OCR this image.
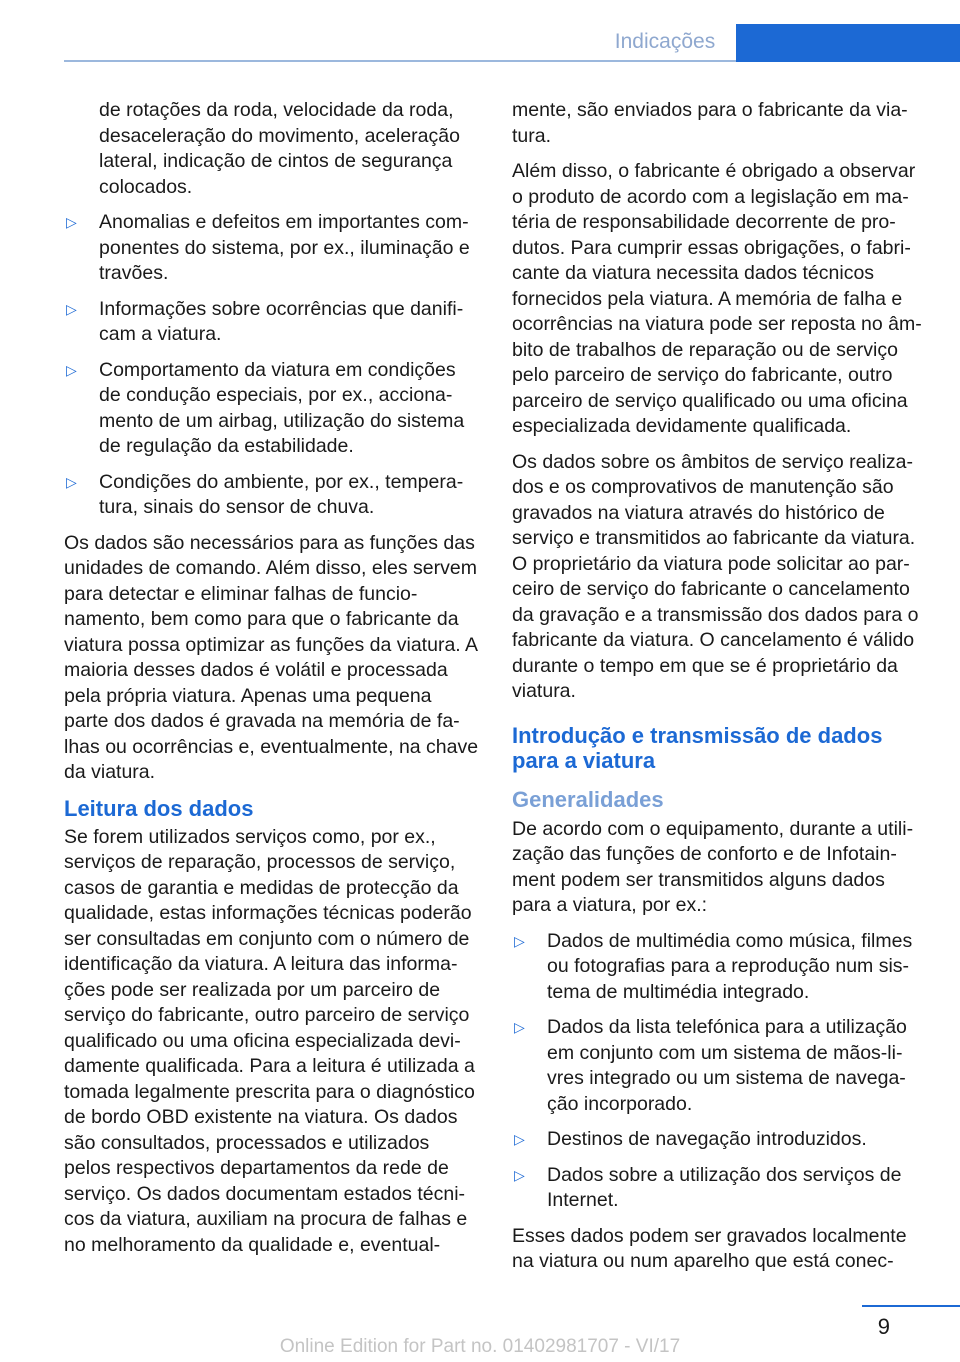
Indicações

de rotações da roda, velocidade da roda, desaceleração do movimento, aceleração lateral, indicação de cintos de segurança colocados.

▷ Anomalias e defeitos em importantes componentes do sistema, por ex., iluminação e travões.
▷ Informações sobre ocorrências que danificam a viatura.
▷ Comportamento da viatura em condições de condução especiais, por ex., accionamento de um airbag, utilização do sistema de regulação da estabilidade.
▷ Condições do ambiente, por ex., temperatura, sinais do sensor de chuva.

Os dados são necessários para as funções das unidades de comando. Além disso, eles servem para detectar e eliminar falhas de funcionamento, bem como para que o fabricante da viatura possa optimizar as funções da viatura. A maioria desses dados é volátil e processada pela própria viatura. Apenas uma pequena parte dos dados é gravada na memória de falhas ou ocorrências e, eventualmente, na chave da viatura.

Leitura dos dados

Se forem utilizados serviços como, por ex., serviços de reparação, processos de serviço, casos de garantia e medidas de protecção da qualidade, estas informações técnicas poderão ser consultadas em conjunto com o número de identificação da viatura. A leitura das informações pode ser realizada por um parceiro de serviço do fabricante, outro parceiro de serviço qualificado ou uma oficina especializada devidamente qualificada. Para a leitura é utilizada a tomada legalmente prescrita para o diagnóstico de bordo OBD existente na viatura. Os dados são consultados, processados e utilizados pelos respectivos departamentos da rede de serviço. Os dados documentam estados técnicos da viatura, auxiliam na procura de falhas e no melhoramento da qualidade e, eventual-

mente, são enviados para o fabricante da viatura.

Além disso, o fabricante é obrigado a observar o produto de acordo com a legislação em matéria de responsabilidade decorrente de produtos. Para cumprir essas obrigações, o fabricante da viatura necessita dados técnicos fornecidos pela viatura. A memória de falha e ocorrências na viatura pode ser reposta no âmbito de trabalhos de reparação ou de serviço pelo parceiro de serviço do fabricante, outro parceiro de serviço qualificado ou uma oficina especializada devidamente qualificada.

Os dados sobre os âmbitos de serviço realizados e os comprovativos de manutenção são gravados na viatura através do histórico de serviço e transmitidos ao fabricante da viatura. O proprietário da viatura pode solicitar ao parceiro de serviço do fabricante o cancelamento da gravação e a transmissão dos dados para o fabricante da viatura. O cancelamento é válido durante o tempo em que se é proprietário da viatura.

Introdução e transmissão de dados para a viatura
Generalidades

De acordo com o equipamento, durante a utilização das funções de conforto e de Infotainment podem ser transmitidos alguns dados para a viatura, por ex.:

▷ Dados de multimédia como música, filmes ou fotografias para a reprodução num sistema de multimédia integrado.
▷ Dados da lista telefónica para a utilização em conjunto com um sistema de mãos-livres integrado ou um sistema de navegação incorporado.
▷ Destinos de navegação introduzidos.
▷ Dados sobre a utilização dos serviços de Internet.

Esses dados podem ser gravados localmente na viatura ou num aparelho que está conec-

9
Online Edition for Part no. 01402981707 - VI/17
